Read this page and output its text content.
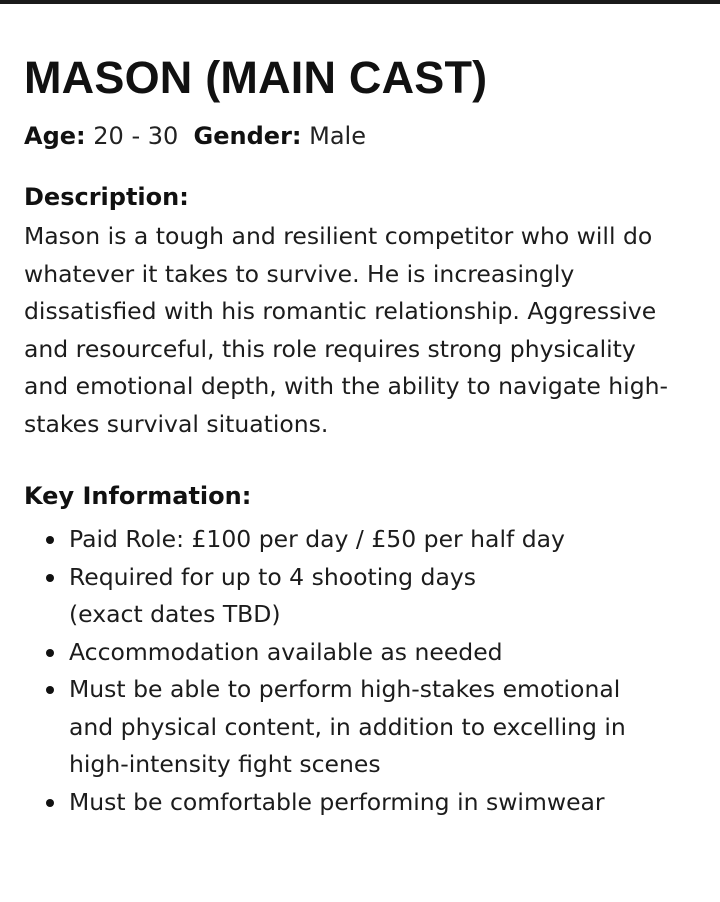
MASON (MAIN CAST)
Age: 20 - 30 Gender: Male
Description:

Mason is a tough and resilient competitor who will do
whatever it takes to survive. He is increasingly
dissatisfied with his romantic relationship. Aggressive
and resourceful, this role requires strong physicality
and emotional depth, with the ability to navigate high-
stakes survival situations.

Key Information:
Paid Role: £100 per day / £50 per half day
Required for up to 4 shooting days
(exact dates TBD)
Accommodation available as needed
Must be able to perform high-stakes emotional
and physical content, in addition to excelling in
high-intensity fight scenes
Must be comfortable performing in swimwear
